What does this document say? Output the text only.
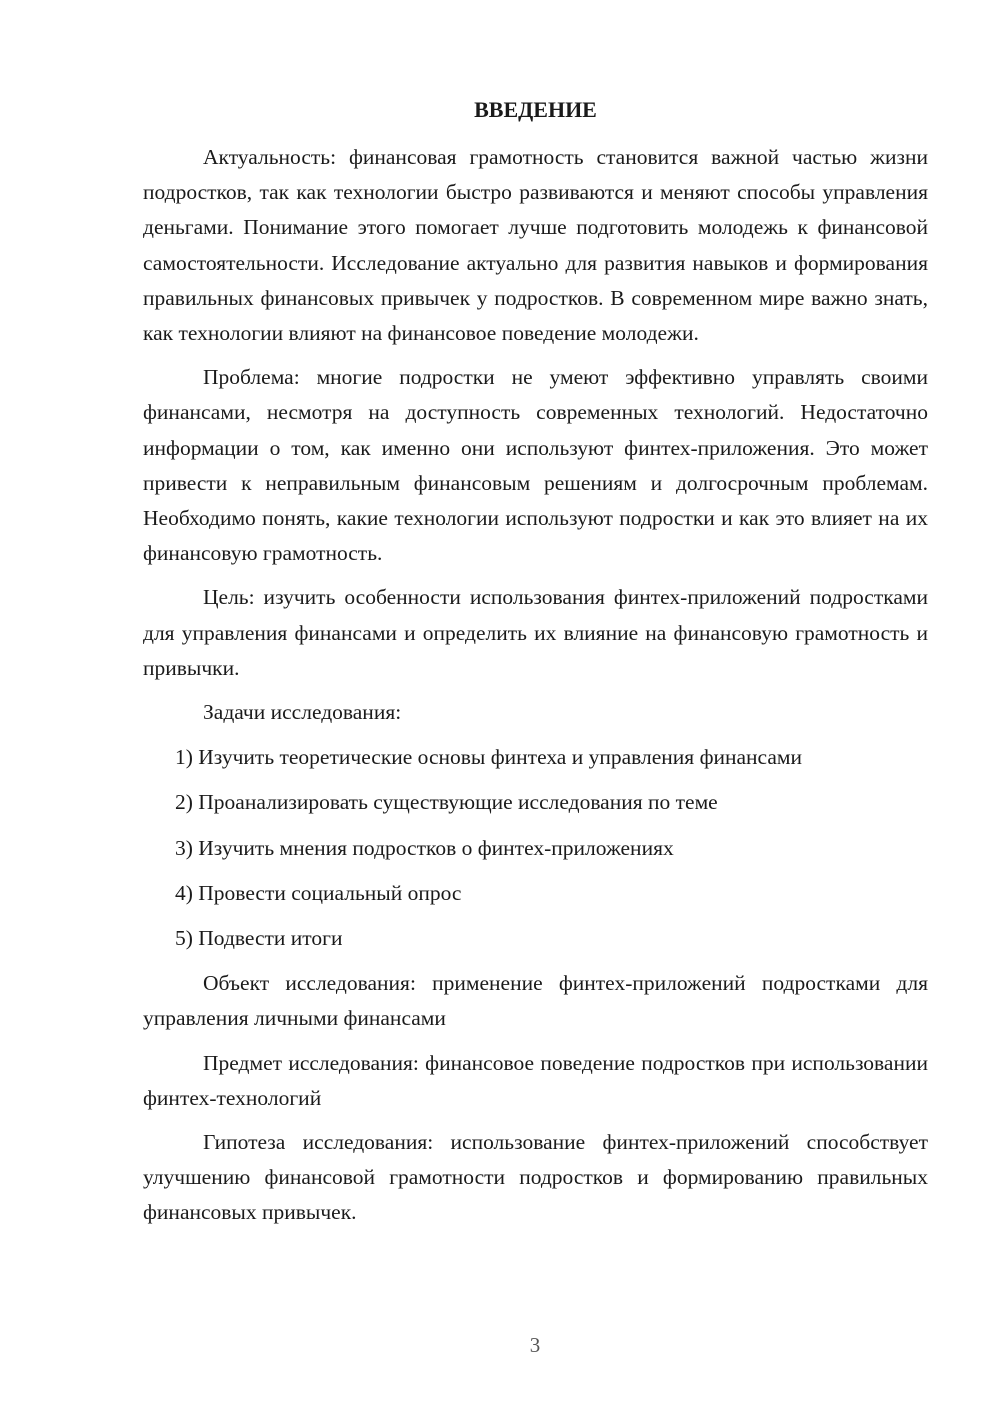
ВВЕДЕНИЕ

Актуальность: финансовая грамотность становится важной частью жизни подростков, так как технологии быстро развиваются и меняют способы управления деньгами. Понимание этого помогает лучше подготовить молодежь к финансовой самостоятельности. Исследование актуально для развития навыков и формирования правильных финансовых привычек у подростков. В современном мире важно знать, как технологии влияют на финансовое поведение молодежи.

Проблема: многие подростки не умеют эффективно управлять своими финансами, несмотря на доступность современных технологий. Недостаточно информации о том, как именно они используют финтех-приложения. Это может привести к неправильным финансовым решениям и долгосрочным проблемам. Необходимо понять, какие технологии используют подростки и как это влияет на их финансовую грамотность.

Цель: изучить особенности использования финтех-приложений подростками для управления финансами и определить их влияние на финансовую грамотность и привычки.

Задачи исследования:

1) Изучить теоретические основы финтеха и управления финансами
2) Проанализировать существующие исследования по теме
3) Изучить мнения подростков о финтех-приложениях
4) Провести социальный опрос
5) Подвести итоги

Объект исследования: применение финтех-приложений подростками для управления личными финансами

Предмет исследования: финансовое поведение подростков при использовании финтех-технологий

Гипотеза исследования: использование финтех-приложений способствует улучшению финансовой грамотности подростков и формированию правильных финансовых привычек.

3
